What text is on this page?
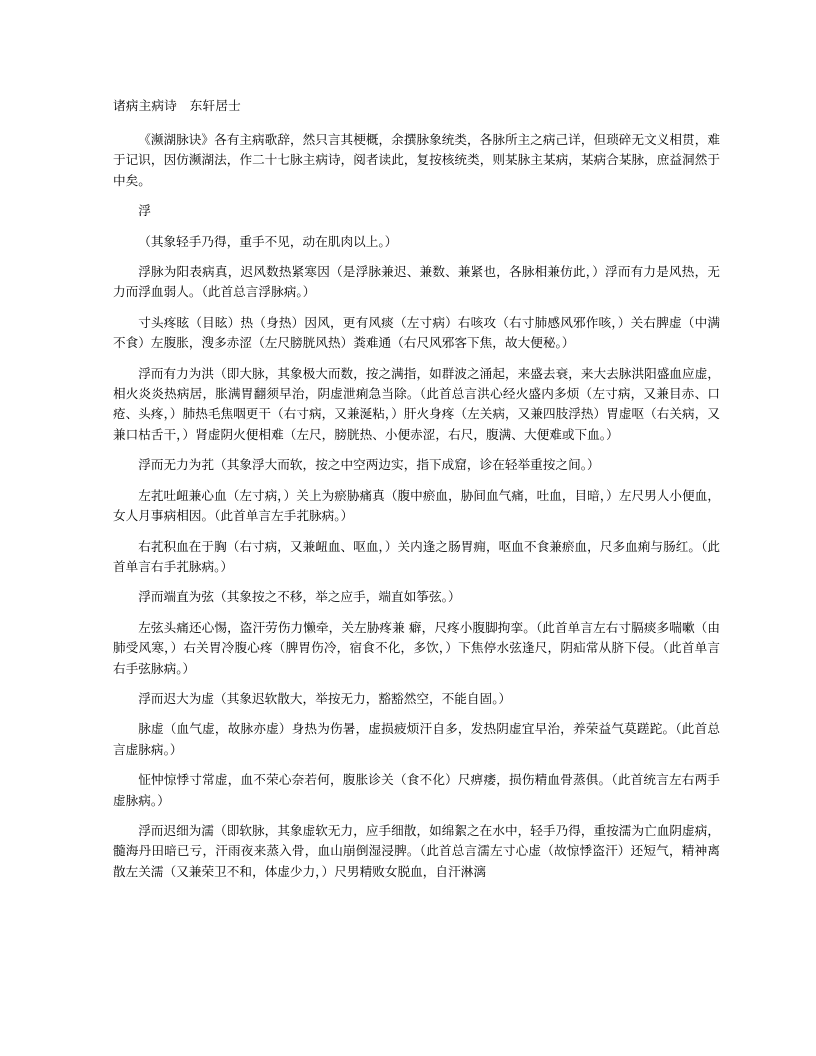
诸病主病诗　东轩居士

《濒湖脉诀》各有主病歌辞，然只言其梗概，余撰脉象统类，各脉所主之病己详，但琐碎无文义相贯，难于记识，因仿濒湖法，作二十七脉主病诗，阅者读此，复按核统类，则某脉主某病，某病合某脉，庶益洞然于中矣。

浮

（其象轻手乃得，重手不见，动在肌肉以上。）

浮脉为阳表病真，迟风数热紧寒因（是浮脉兼迟、兼数、兼紧也，各脉相兼仿此，）浮而有力是风热，无力而浮血弱人。（此首总言浮脉病。）

寸头疼眩（目眩）热（身热）因风，更有风痰（左寸病）右咳攻（右寸肺感风邪作咳，）关右脾虚（中满不食）左腹胀，溲多赤涩（左尺膀胱风热）粪难通（右尺风邪客下焦，故大便秘。）

浮而有力为洪（即大脉，其象极大而数，按之满指，如群波之涌起，来盛去衰，来大去脉洪阳盛血应虚，相火炎炎热病居，胀满胃翻须早治，阴虚泄痢急当除。（此首总言洪心经火盛内多烦（左寸病，又兼目赤、口疮、头疼，）肺热毛焦咽更干（右寸病，又兼涎粘，）肝火身疼（左关病，又兼四肢浮热）胃虚呕（右关病，又兼口枯舌干，）肾虚阴火便相难（左尺，膀胱热、小便赤涩，右尺，腹满、大便难或下血。）

浮而无力为芤（其象浮大而软，按之中空两边实，指下成窟，诊在轻举重按之间。）

左芤吐衄兼心血（左寸病，）关上为瘀胁痛真（腹中瘀血，胁间血气痛，吐血，目暗，）左尺男人小便血，女人月事病相因。（此首单言左手芤脉病。）

右芤积血在于胸（右寸病，又兼衄血、呕血，）关内逢之肠胃痈，呕血不食兼瘀血，尺多血痢与肠红。（此首单言右手芤脉病。）

浮而端直为弦（其象按之不移，举之应手，端直如筝弦。）

左弦头痛还心惕，盗汗劳伤力懒牵，关左胁疼兼 癖，尺疼小腹脚拘挛。（此首单言左右寸膈痰多喘嗽（由肺受风寒，）右关胃冷腹心疼（脾胃伤冷，宿食不化，多饮，）下焦停水弦逢尺，阴疝常从脐下侵。（此首单言右手弦脉病。）

浮而迟大为虚（其象迟软散大，举按无力，豁豁然空，不能自固。）

脉虚（血气虚，故脉亦虚）身热为伤暑，虚损疲烦汗自多，发热阴虚宜早治，养荣益气莫蹉跎。（此首总言虚脉病。）

怔忡惊悸寸常虚，血不荣心奈若何，腹胀诊关（食不化）尺痹痿，损伤精血骨蒸俱。（此首统言左右两手虚脉病。）

浮而迟细为濡（即软脉，其象虚软无力，应手细散，如绵絮之在水中，轻手乃得，重按濡为亡血阴虚病，髓海丹田暗已亏，汗雨夜来蒸入骨，血山崩倒湿浸脾。（此首总言濡左寸心虚（故惊悸盗汗）还短气，精神离散左关濡（又兼荣卫不和，体虚少力，）尺男精败女脱血，自汗淋漓
